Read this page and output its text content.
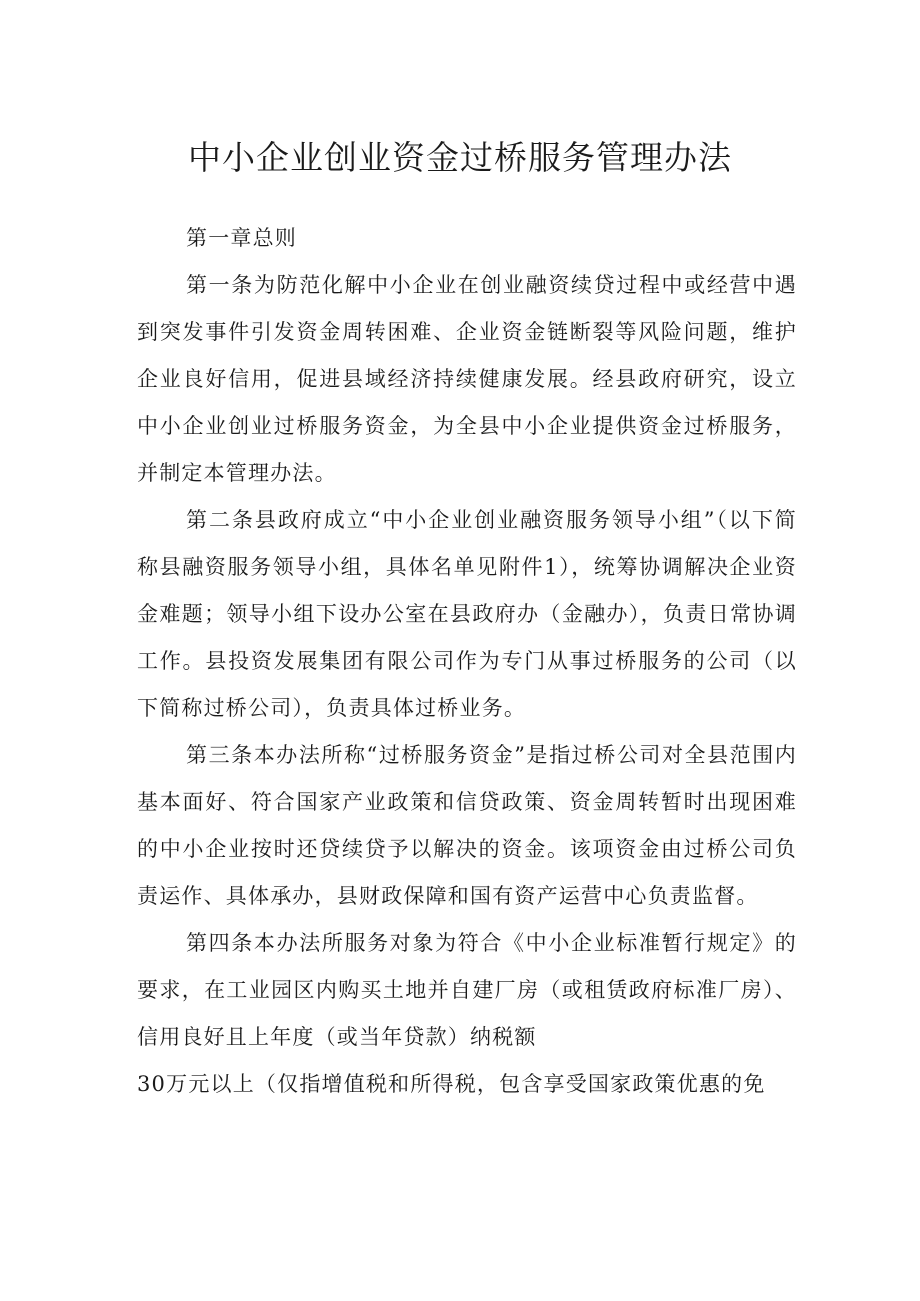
中小企业创业资金过桥服务管理办法

第一章总则

第一条为防范化解中小企业在创业融资续贷过程中或经营中遇到突发事件引发资金周转困难、企业资金链断裂等风险问题，维护企业良好信用，促进县域经济持续健康发展。经县政府研究，设立中小企业创业过桥服务资金，为全县中小企业提供资金过桥服务，并制定本管理办法。

第二条县政府成立“中小企业创业融资服务领导小组”（以下简称县融资服务领导小组，具体名单见附件1），统筹协调解决企业资金难题；领导小组下设办公室在县政府办（金融办），负责日常协调工作。县投资发展集团有限公司作为专门从事过桥服务的公司（以下简称过桥公司），负责具体过桥业务。

第三条本办法所称“过桥服务资金”是指过桥公司对全县范围内基本面好、符合国家产业政策和信贷政策、资金周转暂时出现困难的中小企业按时还贷续贷予以解决的资金。该项资金由过桥公司负责运作、具体承办，县财政保障和国有资产运营中心负责监督。

第四条本办法所服务对象为符合《中小企业标准暂行规定》的要求，在工业园区内购买土地并自建厂房（或租赁政府标准厂房）、信用良好且上年度（或当年贷款）纳税额
30万元以上（仅指增值税和所得税，包含享受国家政策优惠的免
